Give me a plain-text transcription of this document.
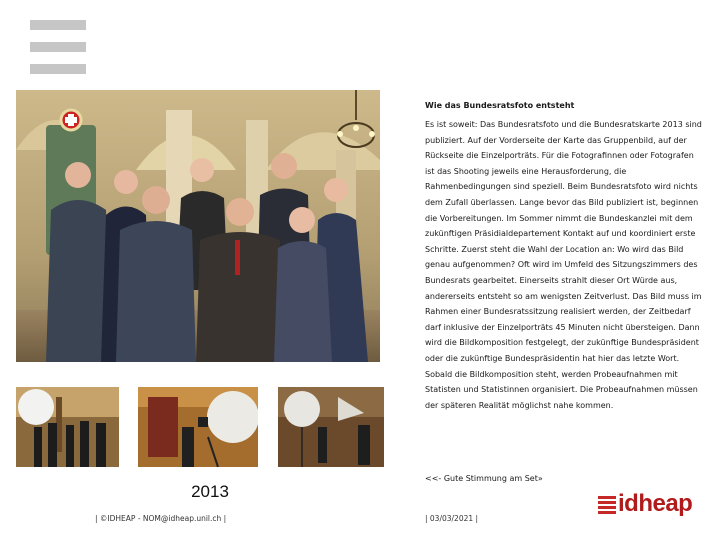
2013
Wie das Bundesratsfoto entsteht

Es ist soweit: Das Bundesratsfoto und die Bundesratskarte 2013 sind publiziert. Auf der Vorderseite der Karte das Gruppenbild, auf der Rückseite die Einzelporträts. Für die Fotografinnen oder Fotografen ist das Shooting jeweils eine Herausforderung, die Rahmenbedingungen sind speziell. Beim Bundesratsfoto wird nichts dem Zufall überlassen. Lange bevor das Bild publiziert ist, beginnen die Vorbereitungen. Im Sommer nimmt die Bundeskanzlei mit dem zukünftigen Präsidialdepartement Kontakt auf und koordiniert erste Schritte. Zuerst steht die Wahl der Location an: Wo wird das Bild genau aufgenommen? Oft wird im Umfeld des Sitzungszimmers des Bundesrats gearbeitet. Einerseits strahlt dieser Ort Würde aus, andererseits entsteht so am wenigsten Zeitverlust. Das Bild muss im Rahmen einer Bundesratssitzung realisiert werden, der Zeitbedarf darf inklusive der Einzelporträts 45 Minuten nicht übersteigen. Dann wird die Bildkomposition festgelegt, der zukünftige Bundespräsident oder die zukünftige Bundespräsidentin hat hier das letzte Wort. Sobald die Bildkomposition steht, werden Probeaufnahmen mit Statisten und Statistinnen organisiert. Die Probeaufnahmen müssen der späteren Realität möglichst nahe kommen.

<<- Gute Stimmung am Set»
| ©IDHEAP - NOM@idheap.unil.ch |	| 03/03/2021 |
idheap
